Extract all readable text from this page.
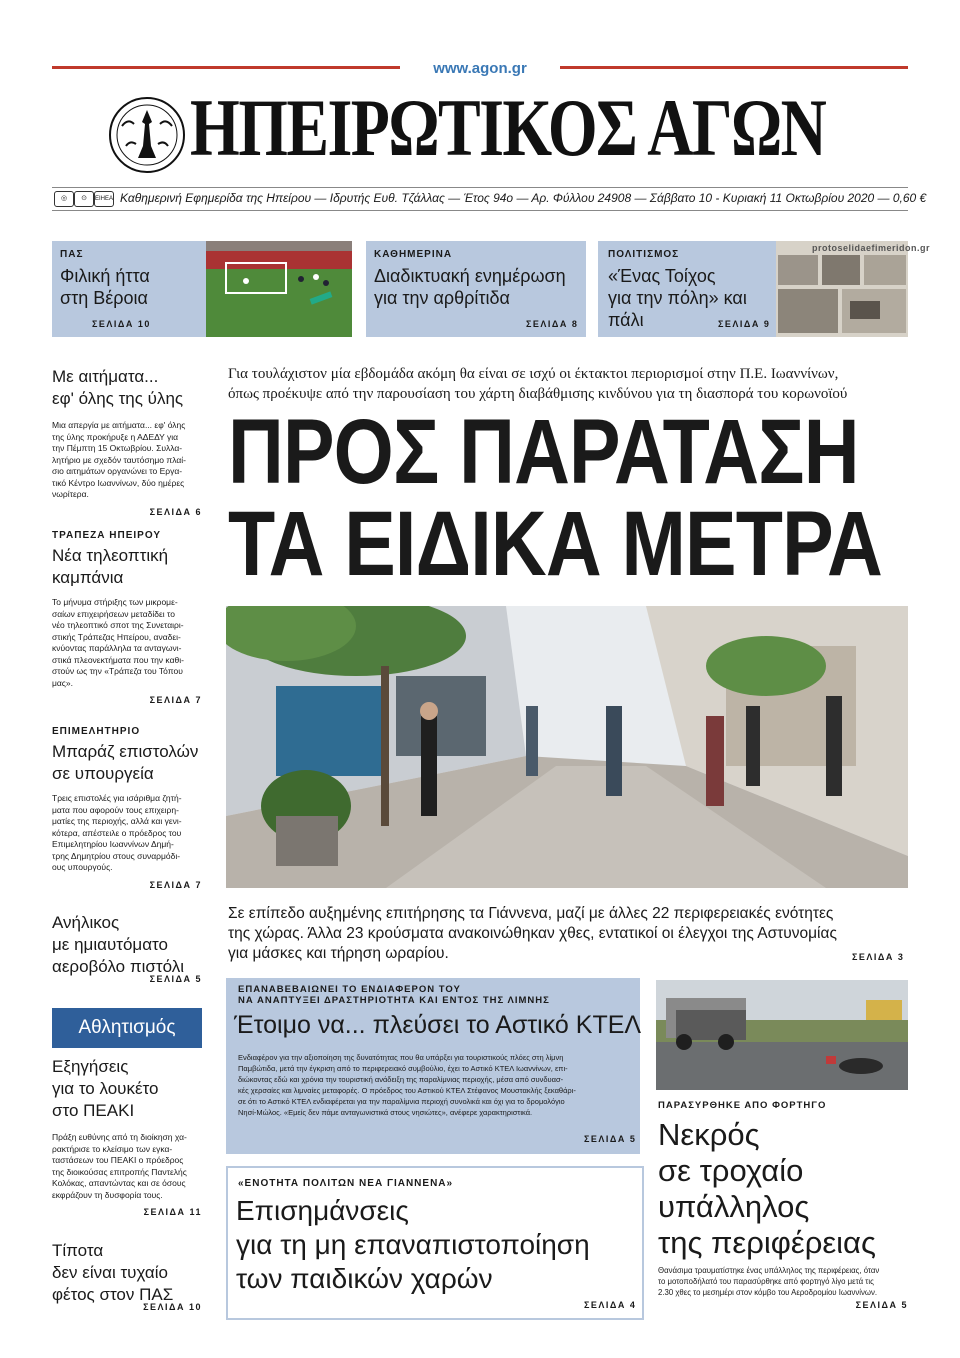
www.agon.gr
ΗΠΕΙΡΩΤΙΚΟΣ ΑΓΩΝ
◎	⊙	ΕΙΗΕΑ Καθημερινή Εφημερίδα της Ηπείρου — Ιδρυτής Ευθ. Τζάλλας — Έτος 94ο — Αρ. Φύλλου 24908 — Σάββατο 10 - Κυριακή 11 Οκτωβρίου 2020 — 0,60 €
ΠΑΣ
Φιλική ήττα
στη Βέροια
ΣΕΛΙΔΑ 10
ΚΑΘΗΜΕΡΙΝΑ
Διαδικτυακή ενημέρωση
για την αρθρίτιδα
ΣΕΛΙΔΑ 8
ΠΟΛΙΤΙΣΜΟΣ
«Ένας Τοίχος
για την πόλη» και πάλι	ΣΕΛΙΔΑ 9
protoselidaefimeridon.gr
Με αιτήματα...
εφ' όλης της ύλης
Μια απεργία με αιτήματα... εφ' όλης
της ύλης προκήρυξε η ΑΔΕΔΥ για
την Πέμπτη 15 Οκτωβρίου. Συλλα-
λητήριο με σχεδόν ταυτόσημο πλαί-
σιο αιτημάτων οργανώνει το Εργα-
τικό Κέντρο Ιωαννίνων, δύο ημέρες
νωρίτερα.
ΣΕΛΙΔΑ 6
ΤΡΑΠΕΖΑ ΗΠΕΙΡΟΥ
Νέα τηλεοπτική
καμπάνια
Το μήνυμα στήριξης των μικρομε-
σαίων επιχειρήσεων μεταδίδει το
νέο τηλεοπτικό σποτ της Συνεταιρι-
στικής Τράπεζας Ηπείρου, αναδει-
κνύοντας παράλληλα τα ανταγωνι-
στικά πλεονεκτήματα που την καθι-
στούν ως την «Τράπεζα του Τόπου
μας».
ΣΕΛΙΔΑ 7
ΕΠΙΜΕΛΗΤΗΡΙΟ
Μπαράζ επιστολών
σε υπουργεία
Τρεις επιστολές για ισάριθμα ζητή-
ματα που αφορούν τους επιχειρη-
ματίες της περιοχής, αλλά και γενι-
κότερα, απέστειλε ο πρόεδρος του
Επιμελητηρίου Ιωαννίνων Δημή-
τρης Δημητρίου στους συναρμόδι-
ους υπουργούς.
ΣΕΛΙΔΑ 7
Ανήλικος
με ημιαυτόματο
αεροβόλο πιστόλι
ΣΕΛΙΔΑ 5
Αθλητισμός
Εξηγήσεις
για το λουκέτο
στο ΠΕΑΚΙ
Πράξη ευθύνης από τη διοίκηση χα-
ρακτήρισε το κλείσιμο των εγκα-
ταστάσεων του ΠΕΑΚΙ ο πρόεδρος
της διοικούσας επιτροπής Παντελής
Κολόκας, απαντώντας και σε όσους
εκφράζουν τη δυσφορία τους.
ΣΕΛΙΔΑ 11
Τίποτα
δεν είναι τυχαίο
φέτος στον ΠΑΣ
ΣΕΛΙΔΑ 10
Για τουλάχιστον μία εβδομάδα ακόμη θα είναι σε ισχύ οι έκτακτοι περιορισμοί στην Π.Ε. Ιωαννίνων,
όπως προέκυψε από την παρουσίαση του χάρτη διαβάθμισης κινδύνου για τη διασπορά του κορωνοϊού
ΠΡΟΣ ΠΑΡΑΤΑΣΗ
ΤΑ ΕΙΔΙΚΑ ΜΕΤΡΑ
Σε επίπεδο αυξημένης επιτήρησης τα Γιάννενα, μαζί με άλλες 22 περιφερειακές ενότητες
της χώρας. Άλλα 23 κρούσματα ανακοινώθηκαν χθες, εντατικοί οι έλεγχοι της Αστυνομίας
για μάσκες και τήρηση ωραρίου.	ΣΕΛΙΔΑ 3
ΕΠΑΝΑΒΕΒΑΙΩΝΕΙ ΤΟ ΕΝΔΙΑΦΕΡΟΝ ΤΟΥ
ΝΑ ΑΝΑΠΤΥΞΕΙ ΔΡΑΣΤΗΡΙΟΤΗΤΑ ΚΑΙ ΕΝΤΟΣ ΤΗΣ ΛΙΜΝΗΣ
Έτοιμο να... πλεύσει το Αστικό ΚΤΕΛ
Ενδιαφέρον για την αξιοποίηση της δυνατότητας που θα υπάρξει για τουριστικούς πλόες στη λίμνη
Παμβώτιδα, μετά την έγκριση από το περιφερειακό συμβούλιο, έχει το Αστικό ΚΤΕΛ Ιωαννίνων, επι-
διώκοντας εδώ και χρόνια την τουριστική ανάδειξη της παραλίμνιας περιοχής, μέσα από συνδυασ-
κές χερσαίες και λιμναίες μεταφορές. Ο πρόεδρος του Αστικού ΚΤΕΛ Στέφανος Μουστακλής ξεκαθάρι-
σε ότι το Αστικό ΚΤΕΛ ενδιαφέρεται για την παραλίμνια περιοχή συνολικά και όχι για το δρομολόγιο
Νησί-Μώλος. «Εμείς δεν πάμε ανταγωνιστικά στους νησιώτες», ανέφερε χαρακτηριστικά.
ΣΕΛΙΔΑ 5
«ΕΝΟΤΗΤΑ ΠΟΛΙΤΩΝ ΝΕΑ ΓΙΑΝΝΕΝΑ»
Επισημάνσεις
για τη μη επαναπιστοποίηση
των παιδικών χαρών
ΣΕΛΙΔΑ 4
ΠΑΡΑΣΥΡΘΗΚΕ ΑΠΟ ΦΟΡΤΗΓΟ
Νεκρός
σε τροχαίο
υπάλληλος
της περιφέρειας
Θανάσιμα τραυματίστηκε ένας υπάλληλος της περιφέρειας, όταν
το μοτοποδήλατό του παρασύρθηκε από φορτηγό λίγο μετά τις
2.30 χθες το μεσημέρι στον κόμβο του Αεροδρομίου Ιωαννίνων.
ΣΕΛΙΔΑ 5
